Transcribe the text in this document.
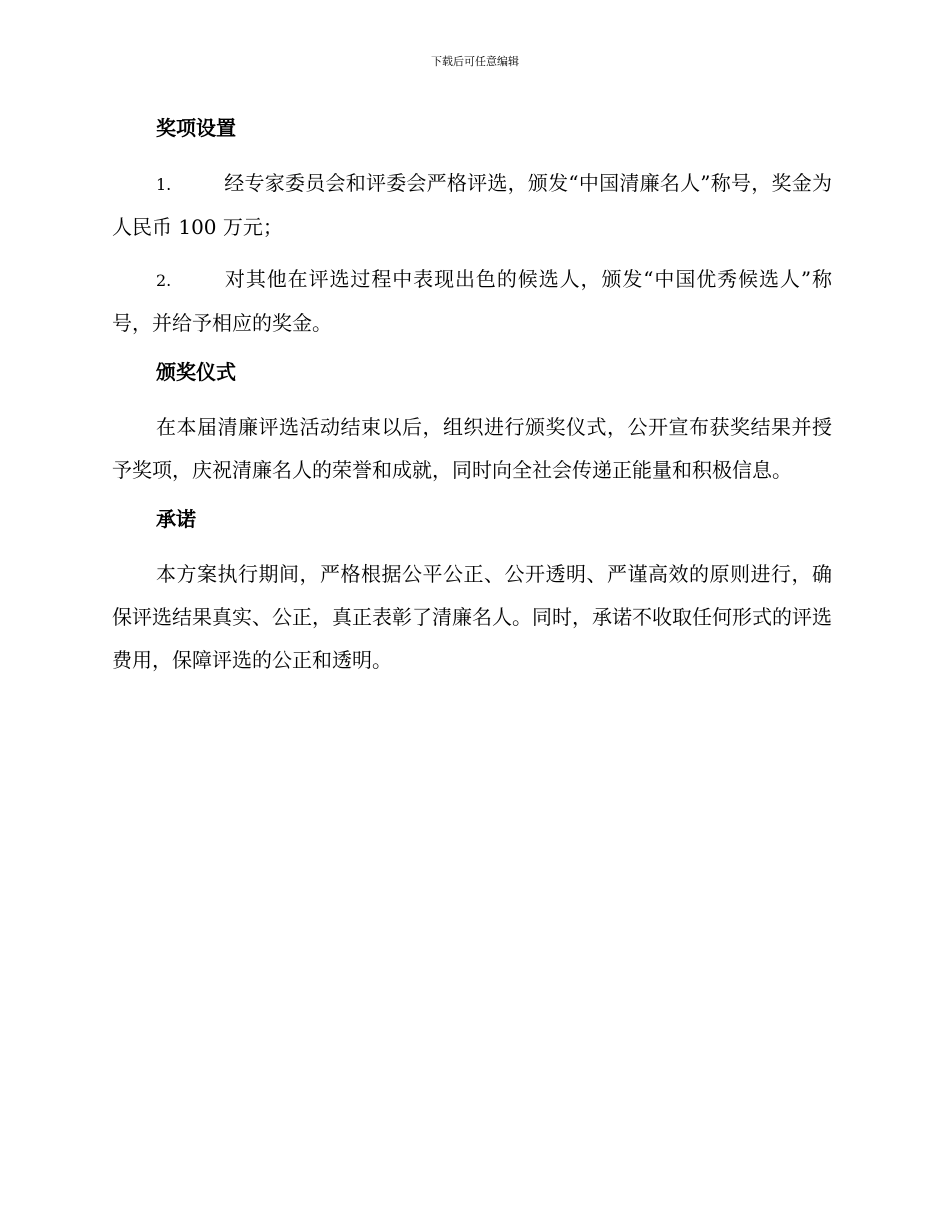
下载后可任意编辑
奖项设置
1.	经专家委员会和评委会严格评选，颁发“中国清廉名人”称号，奖金为人民币 100 万元；
2.	对其他在评选过程中表现出色的候选人，颁发“中国优秀候选人”称号，并给予相应的奖金。
颁奖仪式
在本届清廉评选活动结束以后，组织进行颁奖仪式，公开宣布获奖结果并授予奖项，庆祝清廉名人的荣誉和成就，同时向全社会传递正能量和积极信息。
承诺
本方案执行期间，严格根据公平公正、公开透明、严谨高效的原则进行，确保评选结果真实、公正，真正表彰了清廉名人。同时，承诺不收取任何形式的评选费用，保障评选的公正和透明。
